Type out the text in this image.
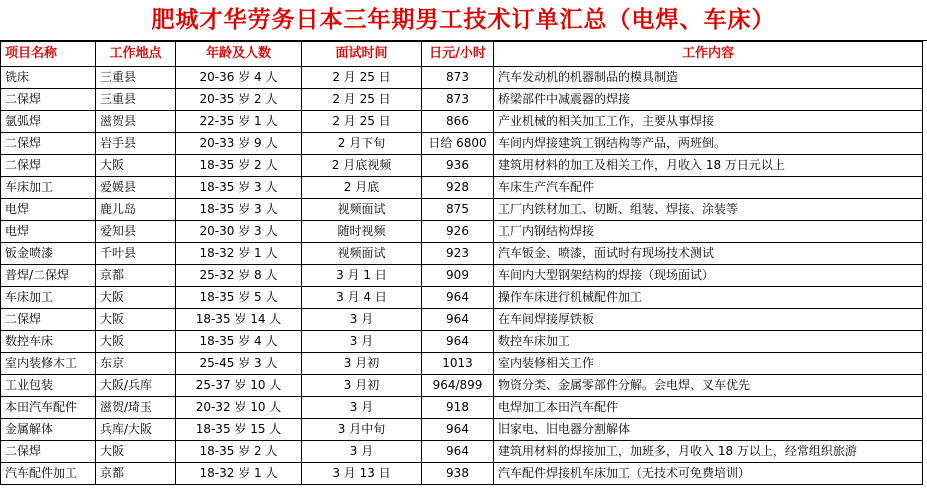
肥城才华劳务日本三年期男工技术订单汇总（电焊、车床）
项目名称	工作地点	年龄及人数	面试时间	日元/小时	工作内容
铣床	三重县	20-36 岁 4 人	2 月 25 日	873	汽车发动机的机器制品的模具制造
二保焊	三重县	20-35 岁 2 人	2 月 25 日	873	桥梁部件中减震器的焊接
氩弧焊	滋贺县	22-35 岁 1 人	2 月 25 日	866	产业机械的相关加工工作，主要从事焊接
二保焊	岩手县	20-33 岁 9 人	2 月下旬	日给 6800	车间内焊接建筑工钢结构等产品，两班倒。
二保焊	大阪	18-35 岁 2 人	2 月底视频	936	建筑用材料的加工及相关工作，月收入 18 万日元以上
车床加工	爱媛县	18-35 岁 3 人	2 月底	928	车床生产汽车配件
电焊	鹿儿岛	18-35 岁 3 人	视频面试	875	工厂内铁材加工、切断、组装、焊接、涂装等
电焊	爱知县	20-30 岁 3 人	随时视频	926	工厂内钢结构焊接
钣金喷漆	千叶县	18-32 岁 1 人	视频面试	923	汽车钣金、喷漆，面试时有现场技术测试
普焊/二保焊	京都	25-32 岁 8 人	3 月 1 日	909	车间内大型钢架结构的焊接（现场面试）
车床加工	大阪	18-35 岁 5 人	3 月 4 日	964	操作车床进行机械配件加工
二保焊	大阪	18-35 岁 14 人	3 月	964	在车间焊接厚铁板
数控车床	大阪	18-35 岁 4 人	3 月	964	数控车床加工
室内装修木工	东京	25-45 岁 3 人	3 月初	1013	室内装修相关工作
工业包装	大阪/兵库	25-37 岁 10 人	3 月初	964/899	物资分类、金属零部件分解。会电焊、叉车优先
本田汽车配件	滋贺/琦玉	20-32 岁 10 人	3 月	918	电焊加工本田汽车配件
金属解体	兵库/大阪	18-35 岁 15 人	3 月中旬	964	旧家电、旧电器分割解体
二保焊	大阪	18-35 岁 2 人	3 月	964	建筑用材料的焊接加工，加班多，月收入 18 万以上，经常组织旅游
汽车配件加工	京都	18-32 岁 1 人	3 月 13 日	938	汽车配件焊接机车床加工（无技术可免费培训）
